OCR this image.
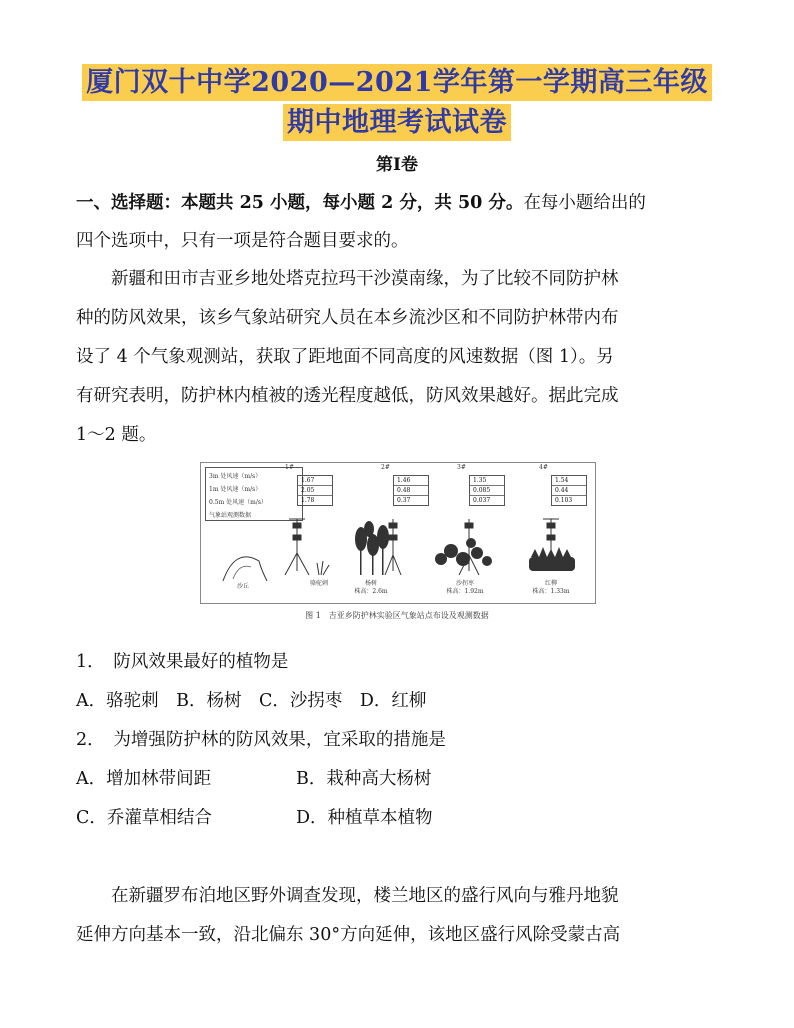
厦门双十中学2020—2021学年第一学期高三年级
期中地理考试试卷
第Ⅰ卷
一、选择题：本题共 25 小题，每小题 2 分，共 50 分。在每小题给出的
四个选项中，只有一项是符合题目要求的。
　　新疆和田市吉亚乡地处塔克拉玛干沙漠南缘，为了比较不同防护林
种的防风效果，该乡气象站研究人员在本乡流沙区和不同防护林带内布
设了 4 个气象观测站，获取了距地面不同高度的风速数据（图 1）。另
有研究表明，防护林内植被的透光程度越低，防风效果越好。据此完成
1～2 题。
3m 处风速（m/s）
1m 处风速（m/s）
0.5m 处风速（m/s）
气象站观测数据
1#	2#	3#	4#
1.67
2.05
1.78
1.46
0.48
0.37
1.35
0.085
0.037
1.54
0.44
0.103
沙丘	骆驼刺	杨树
株高：2.6m
沙拐枣
株高：1.92m
红柳
株高：1.33m
图 1　吉亚乡防护林实验区气象站点布设及观测数据
1．　防风效果最好的植物是
A．骆驼刺　B．杨树　C．沙拐枣　D．红柳
2．　为增强防护林的防风效果，宜采取的措施是
A．增加林带间距	B．栽种高大杨树
C．乔灌草相结合	D．种植草本植物
　　在新疆罗布泊地区野外调查发现，楼兰地区的盛行风向与雅丹地貌
延伸方向基本一致，沿北偏东 30°方向延伸，该地区盛行风除受蒙古高
